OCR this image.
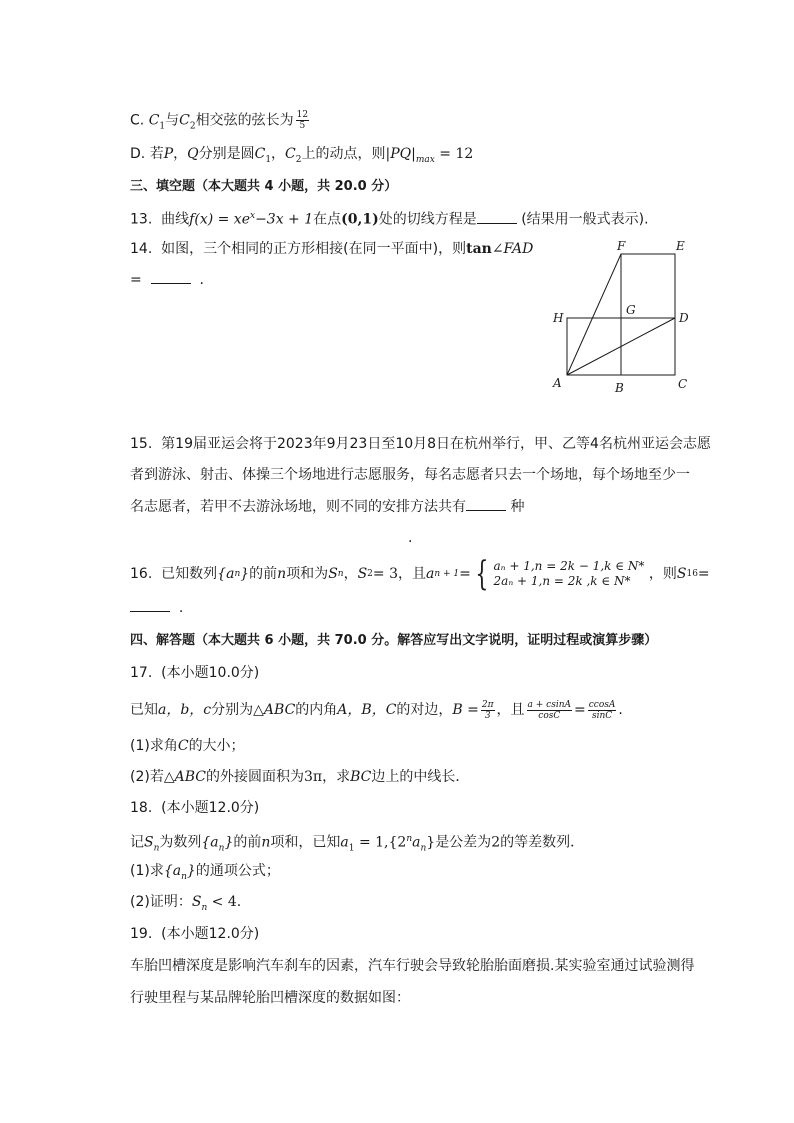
C. $C_1$与$C_2$相交弦的弦长为 $\frac{12}{5}$
D. 若P，Q分别是圆$C_1$，$C_2$上的动点，则$|PQ|_{max} = 12$
三、填空题（本大题共 4 小题，共 20.0 分）
13. 曲线$f(x) = xe^x-3x + 1$在点(0,1)处的切线方程是	(结果用一般式表示).
14. 如图，三个相同的正方形相接(在同一平面中)，则tan∠FAD
=	.
F	E
H
G
D
A	B	C
15. 第19届亚运会将于2023年9月23日至10月8日在杭州举行，甲、乙等4名杭州亚运会志愿
者到游泳、射击、体操三个场地进行志愿服务，每名志愿者只去一个场地，每个场地至少一
名志愿者，若甲不去游泳场地，则不同的安排方法共有	种
.
16.
已知数列 {a n } 的前 n 项和为 S n ， S 2 = 3 ，且 a n + 1 = { aₙ + 1,n = 2k − 1,k ∈ N*
2aₙ + 1,n = 2k ,k ∈ N*
	，则 S 16 =
.
四、解答题（本大题共 6 小题，共 70.0 分。解答应写出文字说明，证明过程或演算步骤）
17. (本小题10.0分)
已知 a，b，c 分别为 △ABC 的内角 A，B，C 的对边， $B = \frac{2\pi}{3}$ ，且 $\frac{a + csinA}{\cos C} = \frac{ccosA}{\sin C}$ .
(1)求角C的大小；
(2)若△ABC的外接圆面积为3π，求BC边上的中线长．
18. (本小题12.0分)
记$S_n$为数列$\{a_n\}$的前n项和，已知$a_1 = 1,\{2^na_n\}$是公差为2的等差数列．
(1)求$\{a_n\}$的通项公式；
(2)证明：$S_n < 4$.
19. (本小题12.0分)
车胎凹槽深度是影响汽车刹车的因素，汽车行驶会导致轮胎胎面磨损.某实验室通过试验测得
行驶里程与某品牌轮胎凹槽深度的数据如图：
